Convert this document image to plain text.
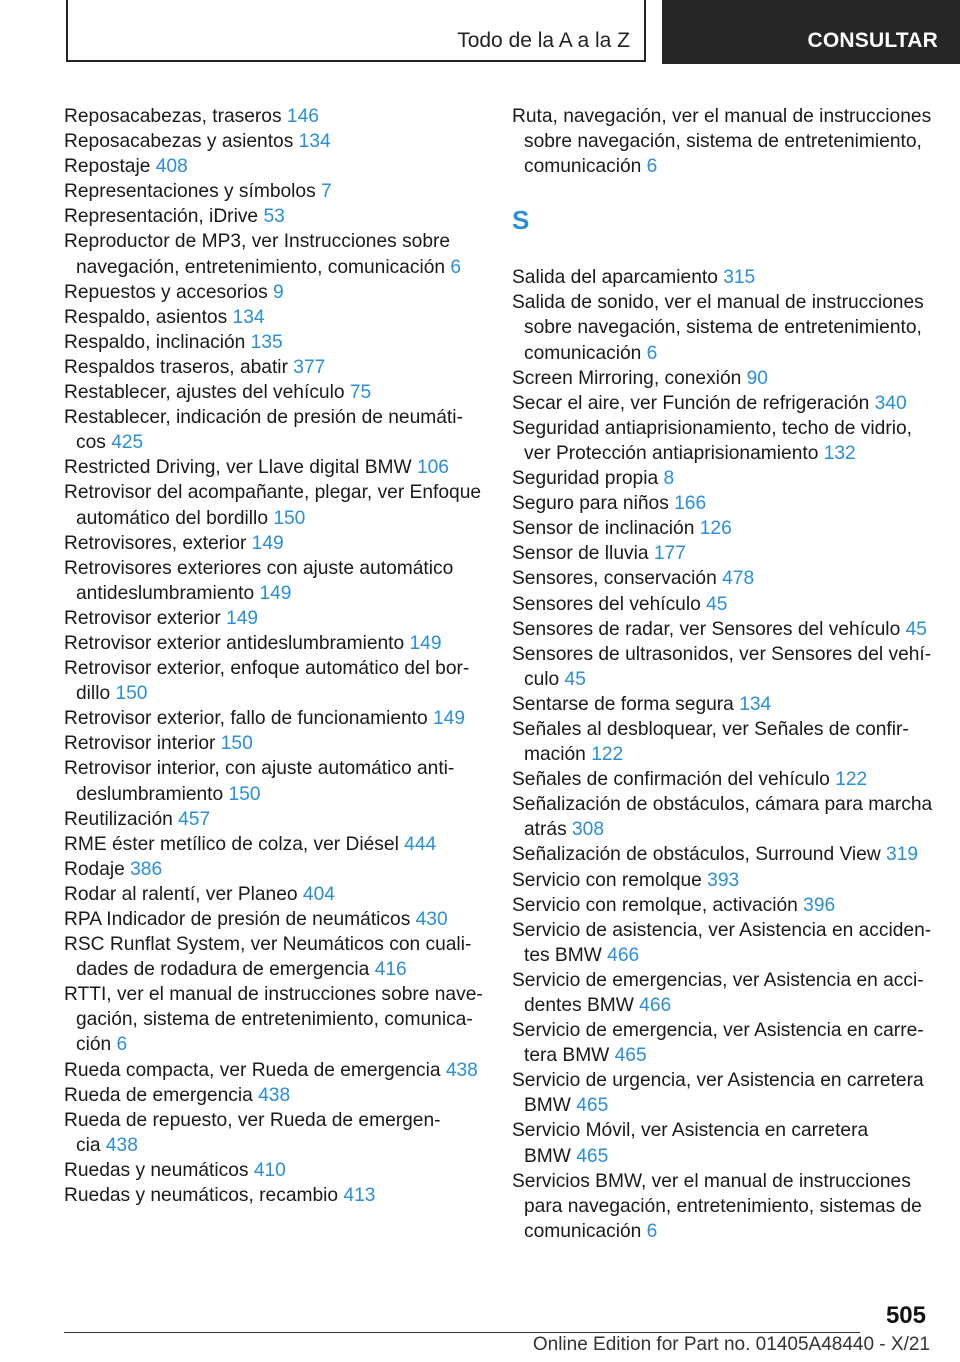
Todo de la A a la Z	CONSULTAR

Reposacabezas, traseros 146

Reposacabezas y asientos 134

Repostaje 408

Representaciones y símbolos 7

Representación, iDrive 53

Reproductor de MP3, ver Instrucciones sobre
navegación, entretenimiento, comunicación 6

Repuestos y accesorios 9

Respaldo, asientos 134

Respaldo, inclinación 135

Respaldos traseros, abatir 377

Restablecer, ajustes del vehículo 75

Restablecer, indicación de presión de neumáti-
cos 425

Restricted Driving, ver Llave digital BMW 106

Retrovisor del acompañante, plegar, ver Enfoque
automático del bordillo 150

Retrovisores, exterior 149

Retrovisores exteriores con ajuste automático
antideslumbramiento 149

Retrovisor exterior 149

Retrovisor exterior antideslumbramiento 149

Retrovisor exterior, enfoque automático del bor-
dillo 150

Retrovisor exterior, fallo de funcionamiento 149

Retrovisor interior 150

Retrovisor interior, con ajuste automático anti-
deslumbramiento 150

Reutilización 457

RME éster metílico de colza, ver Diésel 444

Rodaje 386

Rodar al ralentí, ver Planeo 404

RPA Indicador de presión de neumáticos 430

RSC Runflat System, ver Neumáticos con cuali-
dades de rodadura de emergencia 416

RTTI, ver el manual de instrucciones sobre nave-
gación, sistema de entretenimiento, comunica-
ción 6

Rueda compacta, ver Rueda de emergencia 438

Rueda de emergencia 438

Rueda de repuesto, ver Rueda de emergen-
cia 438

Ruedas y neumáticos 410

Ruedas y neumáticos, recambio 413

Ruta, navegación, ver el manual de instrucciones
sobre navegación, sistema de entretenimiento,
comunicación 6

S

Salida del aparcamiento 315

Salida de sonido, ver el manual de instrucciones
sobre navegación, sistema de entretenimiento,
comunicación 6

Screen Mirroring, conexión 90

Secar el aire, ver Función de refrigeración 340

Seguridad antiaprisionamiento, techo de vidrio,
ver Protección antiaprisionamiento 132

Seguridad propia 8

Seguro para niños 166

Sensor de inclinación 126

Sensor de lluvia 177

Sensores, conservación 478

Sensores del vehículo 45

Sensores de radar, ver Sensores del vehículo 45

Sensores de ultrasonidos, ver Sensores del vehí-
culo 45

Sentarse de forma segura 134

Señales al desbloquear, ver Señales de confir-
mación 122

Señales de confirmación del vehículo 122

Señalización de obstáculos, cámara para marcha
atrás 308

Señalización de obstáculos, Surround View 319

Servicio con remolque 393

Servicio con remolque, activación 396

Servicio de asistencia, ver Asistencia en acciden-
tes BMW 466

Servicio de emergencias, ver Asistencia en acci-
dentes BMW 466

Servicio de emergencia, ver Asistencia en carre-
tera BMW 465

Servicio de urgencia, ver Asistencia en carretera
BMW 465

Servicio Móvil, ver Asistencia en carretera
BMW 465

Servicios BMW, ver el manual de instrucciones
para navegación, entretenimiento, sistemas de
comunicación 6

505
Online Edition for Part no. 01405A48440 - X/21
